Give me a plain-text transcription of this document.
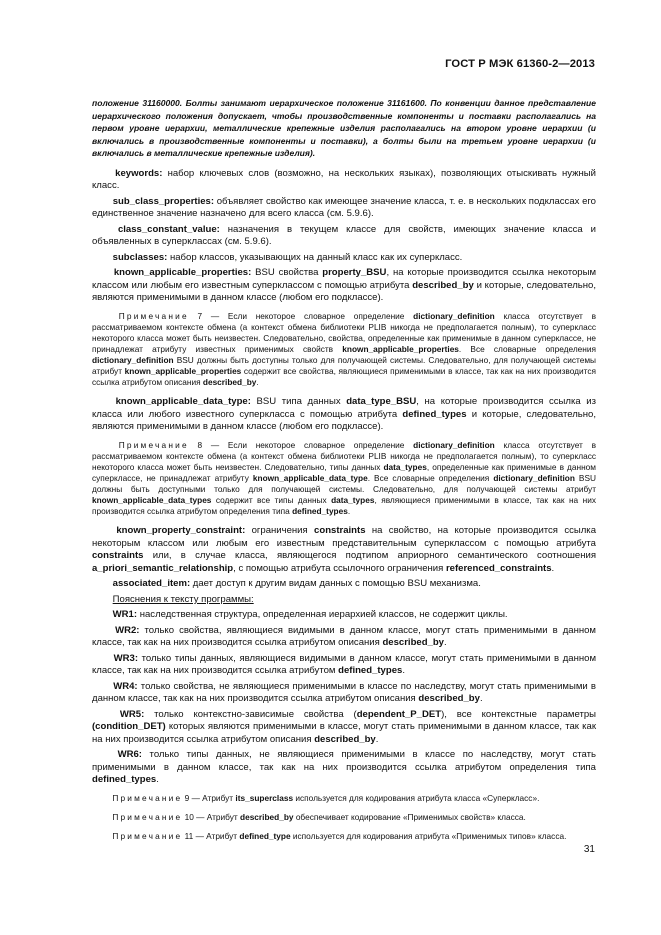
ГОСТ Р МЭК 61360-2—2013

положение 31160000. Болты занимают иерархическое положение 31161600. По конвенции данное представление иерархического положения допускает, чтобы производственные компоненты и поставки располагались на первом уровне иерархии, металлические крепежные изделия располагались на втором уровне иерархии (и включались в производственные компоненты и поставки), а болты были на третьем уровне иерархии (и включались в металлические крепежные изделия).

keywords: набор ключевых слов (возможно, на нескольких языках), позволяющих отыскивать нужный класс.

sub_class_properties: объявляет свойство как имеющее значение класса, т. е. в нескольких подклассах его единственное значение назначено для всего класса (см. 5.9.6).

class_constant_value: назначения в текущем классе для свойств, имеющих значение класса и объявленных в суперклассах (см. 5.9.6).

subclasses: набор классов, указывающих на данный класс как их суперкласс.

known_applicable_properties: BSU свойства property_BSU, на которые производится ссылка некоторым классом или любым его известным суперклассом с помощью атрибута described_by и которые, следовательно, являются применимыми в данном классе (любом его подклассе).

Примечание 7 — Если некоторое словарное определение dictionary_definition класса отсутствует в рассматриваемом контексте обмена (а контекст обмена библиотеки PLIB никогда не предполагается полным), то суперкласс некоторого класса может быть неизвестен. Следовательно, свойства, определенные как применимые в данном суперклассе, не принадлежат атрибуту известных применимых свойств known_applicable_properties. Все словарные определения dictionary_definition BSU должны быть доступны только для получающей системы. Следовательно, для получающей системы атрибут known_applicable_properties содержит все свойства, являющиеся применимыми в классе, так как на них производится ссылка атрибутом описания described_by.

known_applicable_data_type: BSU типа данных data_type_BSU, на которые производится ссылка из класса или любого известного суперкласса с помощью атрибута defined_types и которые, следовательно, являются применимыми в данном классе (любом его подклассе).

Примечание 8 — Если некоторое словарное определение dictionary_definition класса отсутствует в рассматриваемом контексте обмена (а контекст обмена библиотеки PLIB никогда не предполагается полным), то суперкласс некоторого класса может быть неизвестен. Следовательно, типы данных data_types, определенные как применимые в данном суперклассе, не принадлежат атрибуту known_applicable_data_type. Все словарные определения dictionary_definition BSU должны быть доступными только для получающей системы. Следовательно, для получающей системы атрибут known_applicable_data_types содержит все типы данных data_types, являющиеся применимыми в классе, так как на них производится ссылка атрибутом определения типа defined_types.

known_property_constraint: ограничения constraints на свойство, на которые производится ссылка некоторым классом или любым его известным представительным суперклассом с помощью атрибута constraints или, в случае класса, являющегося подтипом априорного семантического соотношения a_priori_semantic_relationship, с помощью атрибута ссылочного ограничения referenced_constraints.

associated_item: дает доступ к другим видам данных с помощью BSU механизма.

Пояснения к тексту программы:

WR1: наследственная структура, определенная иерархией классов, не содержит циклы.

WR2: только свойства, являющиеся видимыми в данном классе, могут стать применимыми в данном классе, так как на них производится ссылка атрибутом описания described_by.

WR3: только типы данных, являющиеся видимыми в данном классе, могут стать применимыми в данном классе, так как на них производится ссылка атрибутом defined_types.

WR4: только свойства, не являющиеся применимыми в классе по наследству, могут стать применимыми в данном классе, так как на них производится ссылка атрибутом описания described_by.

WR5: только контекстно-зависимые свойства (dependent_P_DET), все контекстные параметры (condition_DET) которых являются применимыми в классе, могут стать применимыми в данном классе, так как на них производится ссылка атрибутом описания described_by.

WR6: только типы данных, не являющиеся применимыми в классе по наследству, могут стать применимыми в данном классе, так как на них производится ссылка атрибутом определения типа defined_types.

Примечание 9 — Атрибут its_superclass используется для кодирования атрибута класса «Суперкласс».

Примечание 10 — Атрибут described_by обеспечивает кодирование «Применимых свойств» класса.

Примечание 11 — Атрибут defined_type используется для кодирования атрибута «Применимых типов» класса.

31
